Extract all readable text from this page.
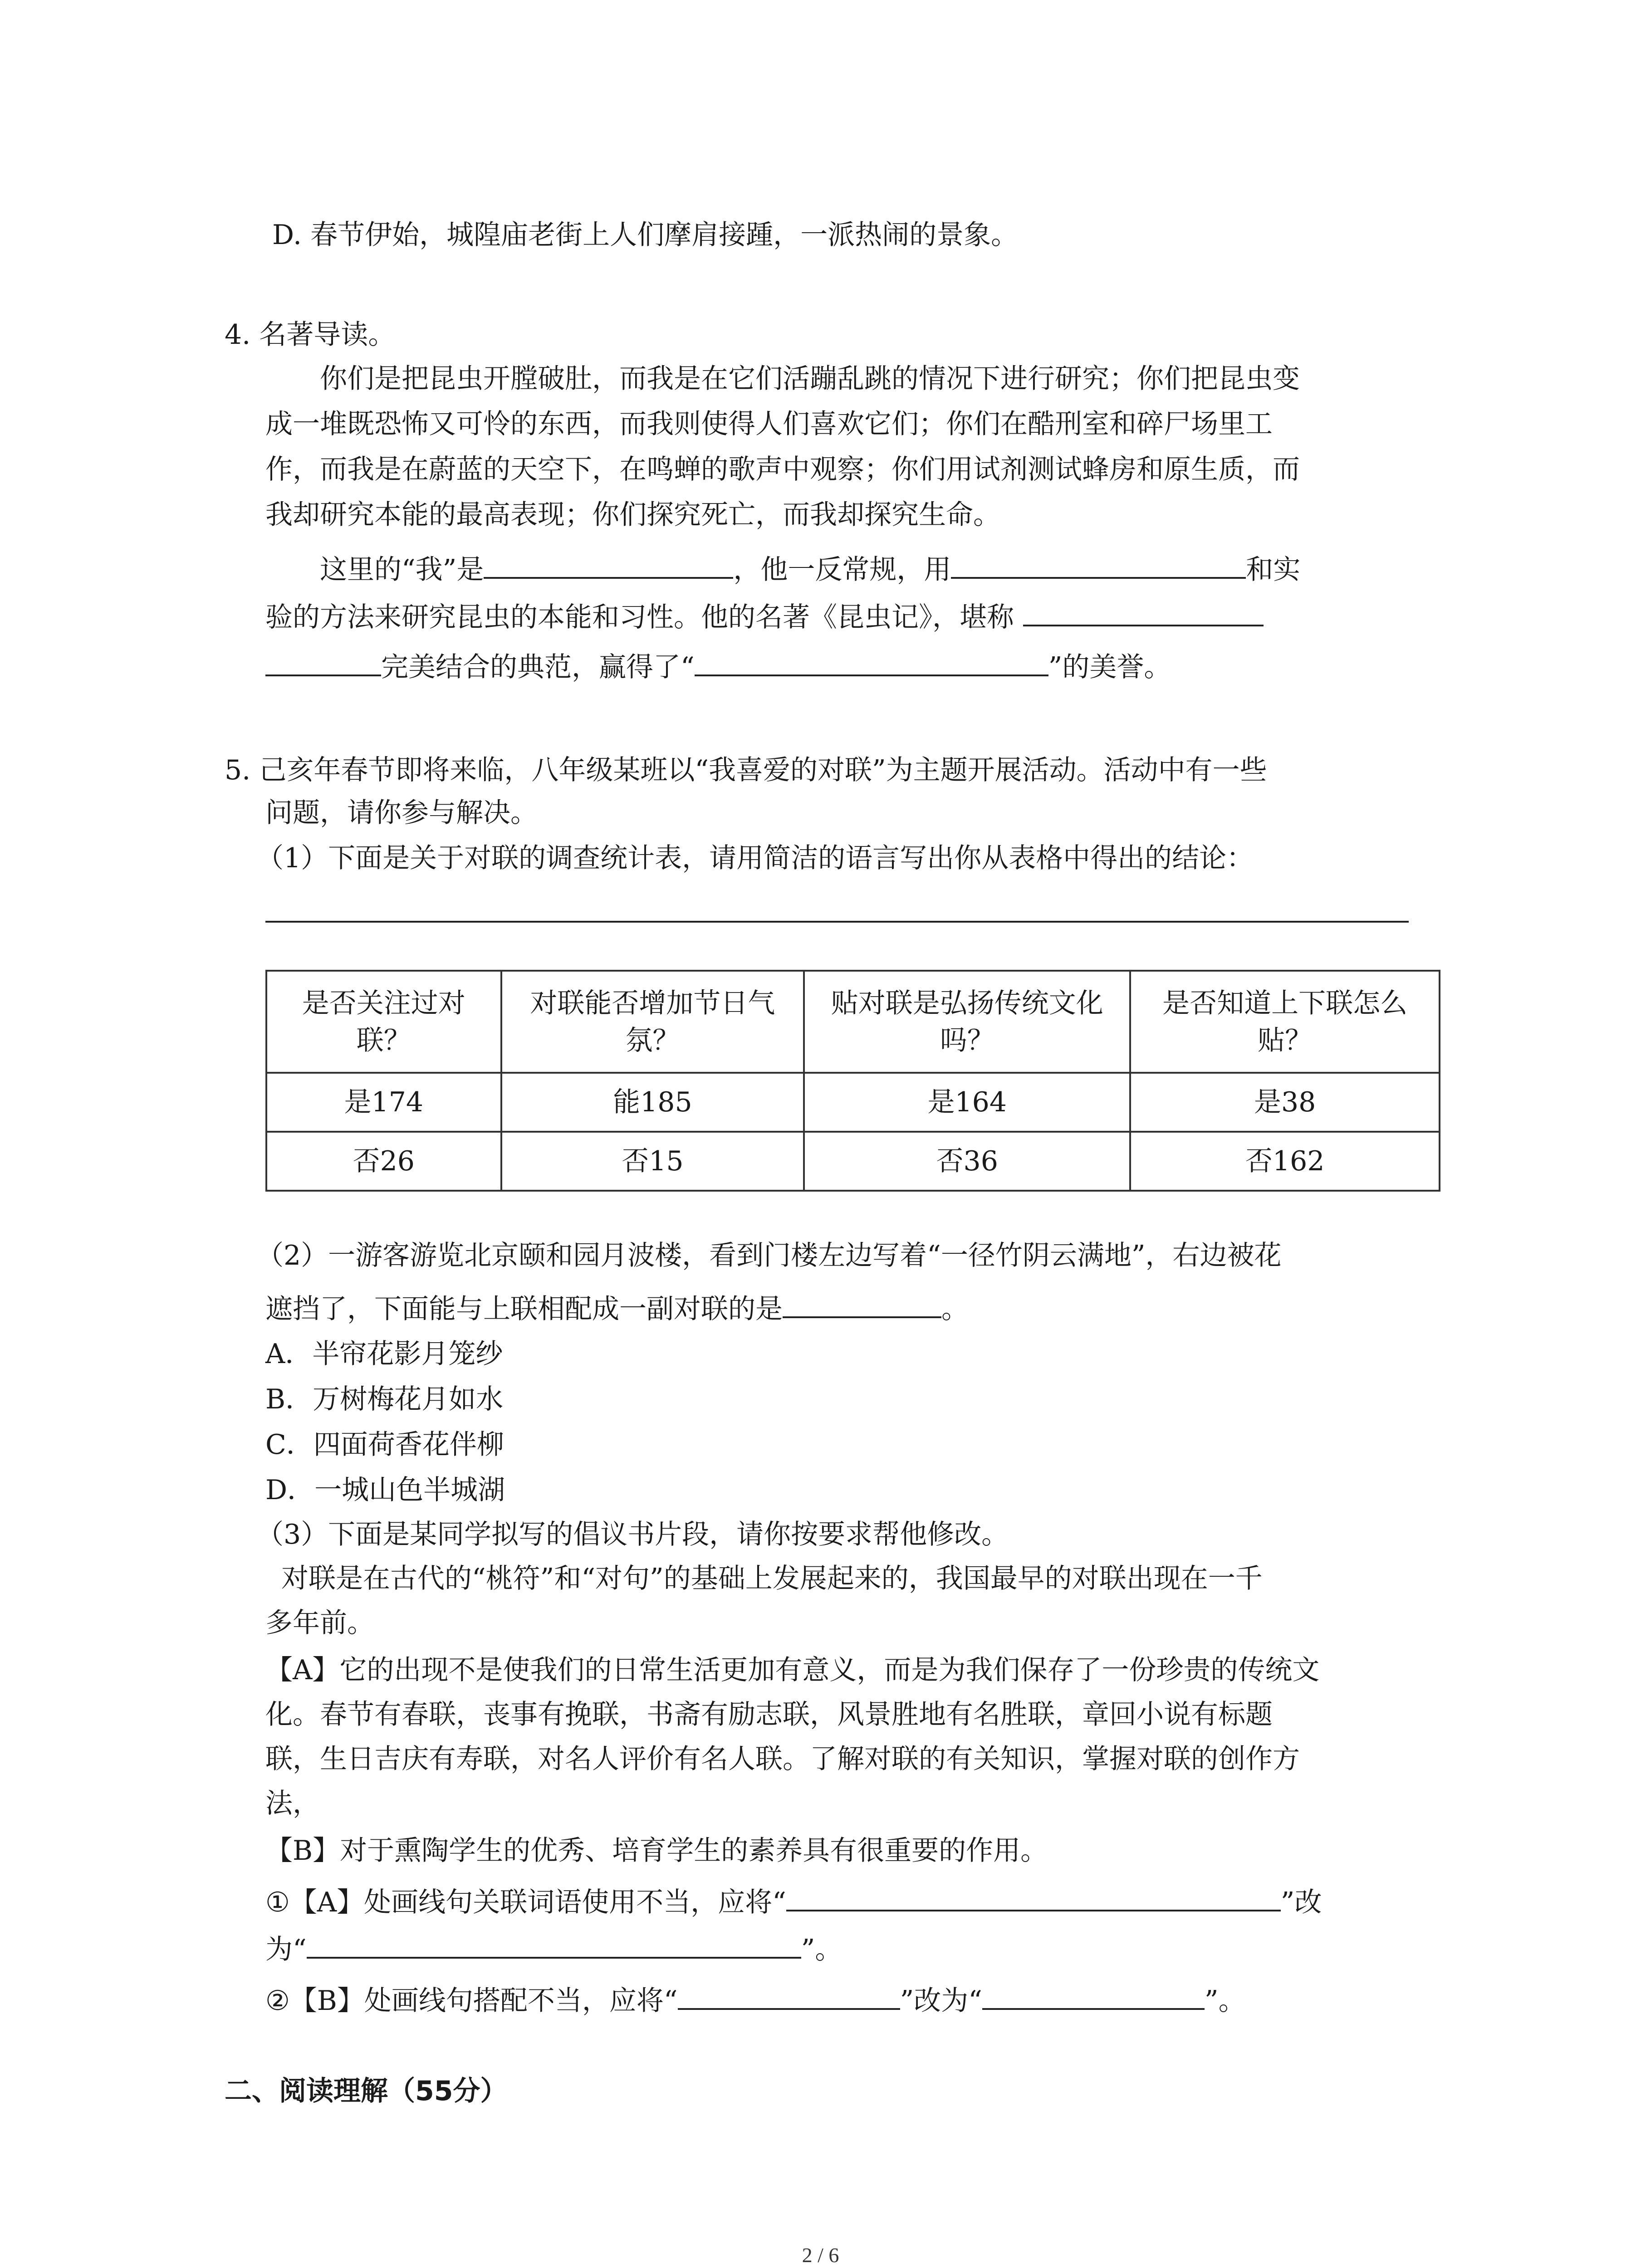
D. 春节伊始，城隍庙老街上人们摩肩接踵，一派热闹的景象。
4. 名著导读。
你们是把昆虫开膛破肚，而我是在它们活蹦乱跳的情况下进行研究；你们把昆虫变
成一堆既恐怖又可怜的东西，而我则使得人们喜欢它们；你们在酷刑室和碎尸场里工
作，而我是在蔚蓝的天空下，在鸣蝉的歌声中观察；你们用试剂测试蜂房和原生质，而
我却研究本能的最高表现；你们探究死亡，而我却探究生命。
这里的“我”是	，他一反常规，用	和实
验的方法来研究昆虫的本能和习性。他的名著《昆虫记》，堪称
完美结合的典范，赢得了“	”的美誉。
5. 己亥年春节即将来临，八年级某班以“我喜爱的对联”为主题开展活动。活动中有一些
问题，请你参与解决。
（1）下面是关于对联的调查统计表，请用简洁的语言写出你从表格中得出的结论：
是否关注过对
联？	对联能否增加节日气
氛？	贴对联是弘扬传统文化
吗？	是否知道上下联怎么
贴？
是174	能185	是164	是38
否26	否15	否36	否162
（2）一游客游览北京颐和园月波楼，看到门楼左边写着“一径竹阴云满地”，右边被花
遮挡了，下面能与上联相配成一副对联的是	。
A．半帘花影月笼纱
B．万树梅花月如水
C．四面荷香花伴柳
D．一城山色半城湖
（3）下面是某同学拟写的倡议书片段，请你按要求帮他修改。
对联是在古代的“桃符”和“对句”的基础上发展起来的，我国最早的对联出现在一千
多年前。
【A】它的出现不是使我们的日常生活更加有意义，而是为我们保存了一份珍贵的传统文
化。春节有春联，丧事有挽联，书斋有励志联，风景胜地有名胜联，章回小说有标题
联，生日吉庆有寿联，对名人评价有名人联。了解对联的有关知识，掌握对联的创作方
法，
【B】对于熏陶学生的优秀、培育学生的素养具有很重要的作用。
①【A】处画线句关联词语使用不当，应将“	”改
为“	”。
②【B】处画线句搭配不当，应将“	”改为“	”。
二、阅读理解（55分）
2 / 6
